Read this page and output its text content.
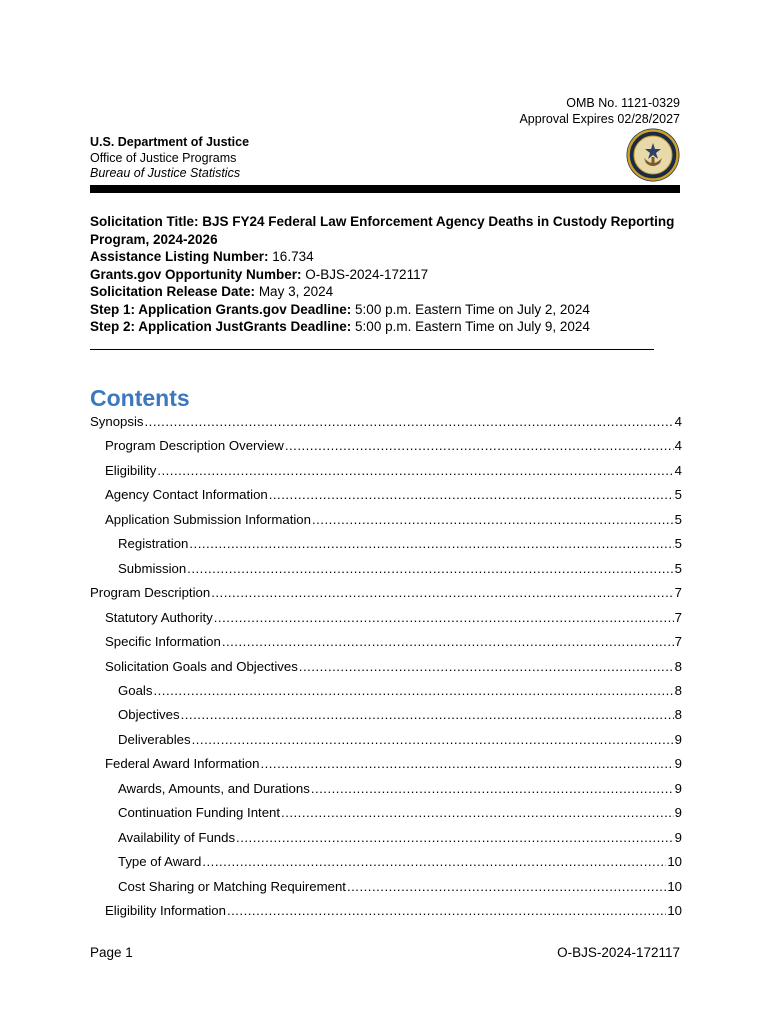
OMB No. 1121-0329
Approval Expires 02/28/2027
U.S. Department of Justice
Office of Justice Programs
Bureau of Justice Statistics
Solicitation Title: BJS FY24 Federal Law Enforcement Agency Deaths in Custody Reporting Program, 2024-2026
Assistance Listing Number: 16.734
Grants.gov Opportunity Number: O-BJS-2024-172117
Solicitation Release Date: May 3, 2024
Step 1: Application Grants.gov Deadline: 5:00 p.m. Eastern Time on July 2, 2024
Step 2: Application JustGrants Deadline: 5:00 p.m. Eastern Time on July 9, 2024
Contents
Synopsis .....	4
Program Description Overview .....	4
Eligibility .....	4
Agency Contact Information .....	5
Application Submission Information .....	5
Registration .....	5
Submission .....	5
Program Description .....	7
Statutory Authority .....	7
Specific Information .....	7
Solicitation Goals and Objectives .....	8
Goals .....	8
Objectives .....	8
Deliverables .....	9
Federal Award Information .....	9
Awards, Amounts, and Durations .....	9
Continuation Funding Intent .....	9
Availability of Funds .....	9
Type of Award .....	10
Cost Sharing or Matching Requirement .....	10
Eligibility Information .....	10
Page 1	O-BJS-2024-172117
